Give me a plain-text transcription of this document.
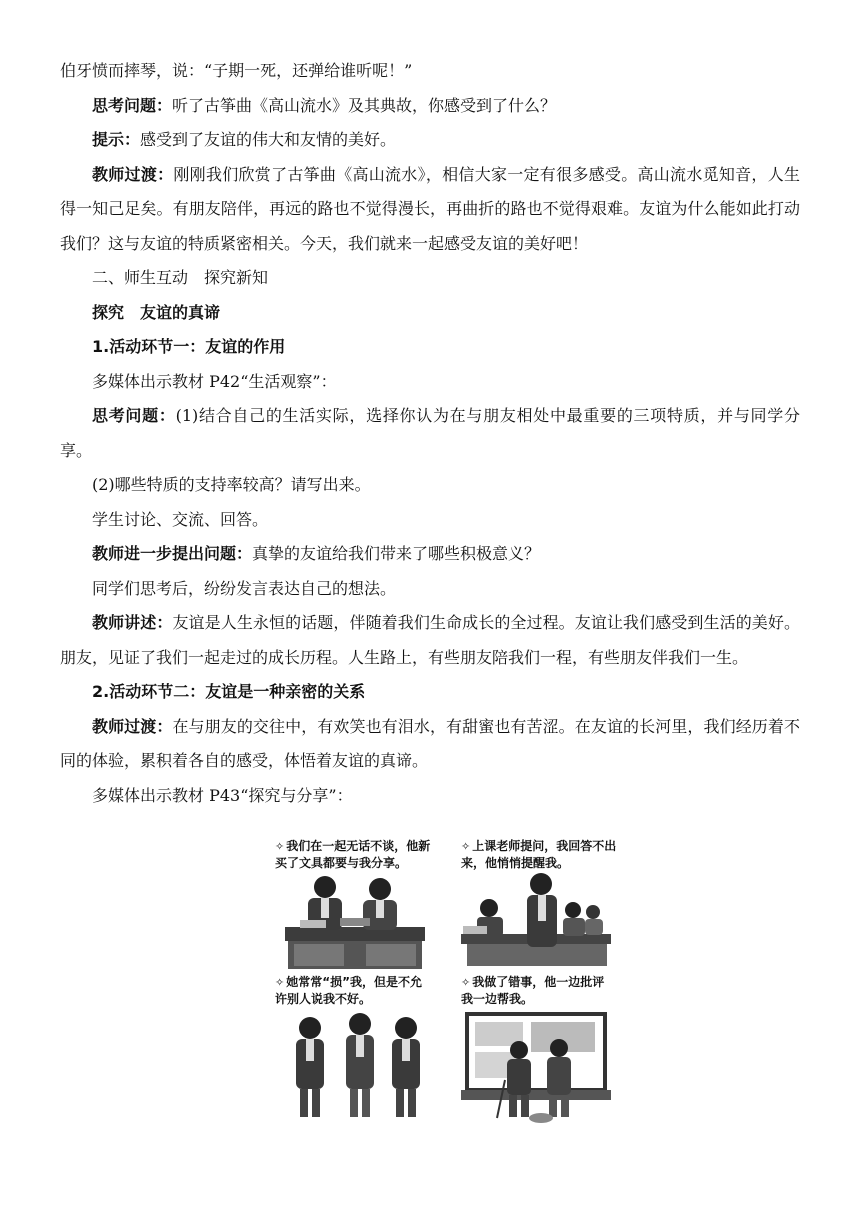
伯牙愤而摔琴，说：“子期一死，还弹给谁听呢！”

思考问题：听了古筝曲《高山流水》及其典故，你感受到了什么？

提示：感受到了友谊的伟大和友情的美好。

教师过渡：刚刚我们欣赏了古筝曲《高山流水》，相信大家一定有很多感受。高山流水觅知音，人生得一知己足矣。有朋友陪伴，再远的路也不觉得漫长，再曲折的路也不觉得艰难。友谊为什么能如此打动我们？这与友谊的特质紧密相关。今天，我们就来一起感受友谊的美好吧！

二、师生互动　探究新知

探究　友谊的真谛

1.活动环节一：友谊的作用

多媒体出示教材 P42“生活观察”：

思考问题：(1)结合自己的生活实际，选择你认为在与朋友相处中最重要的三项特质，并与同学分享。

(2)哪些特质的支持率较高？请写出来。

学生讨论、交流、回答。

教师进一步提出问题：真挚的友谊给我们带来了哪些积极意义？

同学们思考后，纷纷发言表达自己的想法。

教师讲述：友谊是人生永恒的话题，伴随着我们生命成长的全过程。友谊让我们感受到生活的美好。朋友，见证了我们一起走过的成长历程。人生路上，有些朋友陪我们一程，有些朋友伴我们一生。

2.活动环节二：友谊是一种亲密的关系

教师过渡：在与朋友的交往中，有欢笑也有泪水，有甜蜜也有苦涩。在友谊的长河里，我们经历着不同的体验，累积着各自的感受，体悟着友谊的真谛。

多媒体出示教材 P43“探究与分享”：

✧ 我们在一起无话不谈，他新买了文具都要与我分享。
✧ 上课老师提问，我回答不出来，他悄悄提醒我。
✧ 她常常“损”我，但是不允许别人说我不好。
✧ 我做了错事，他一边批评我一边帮我。
